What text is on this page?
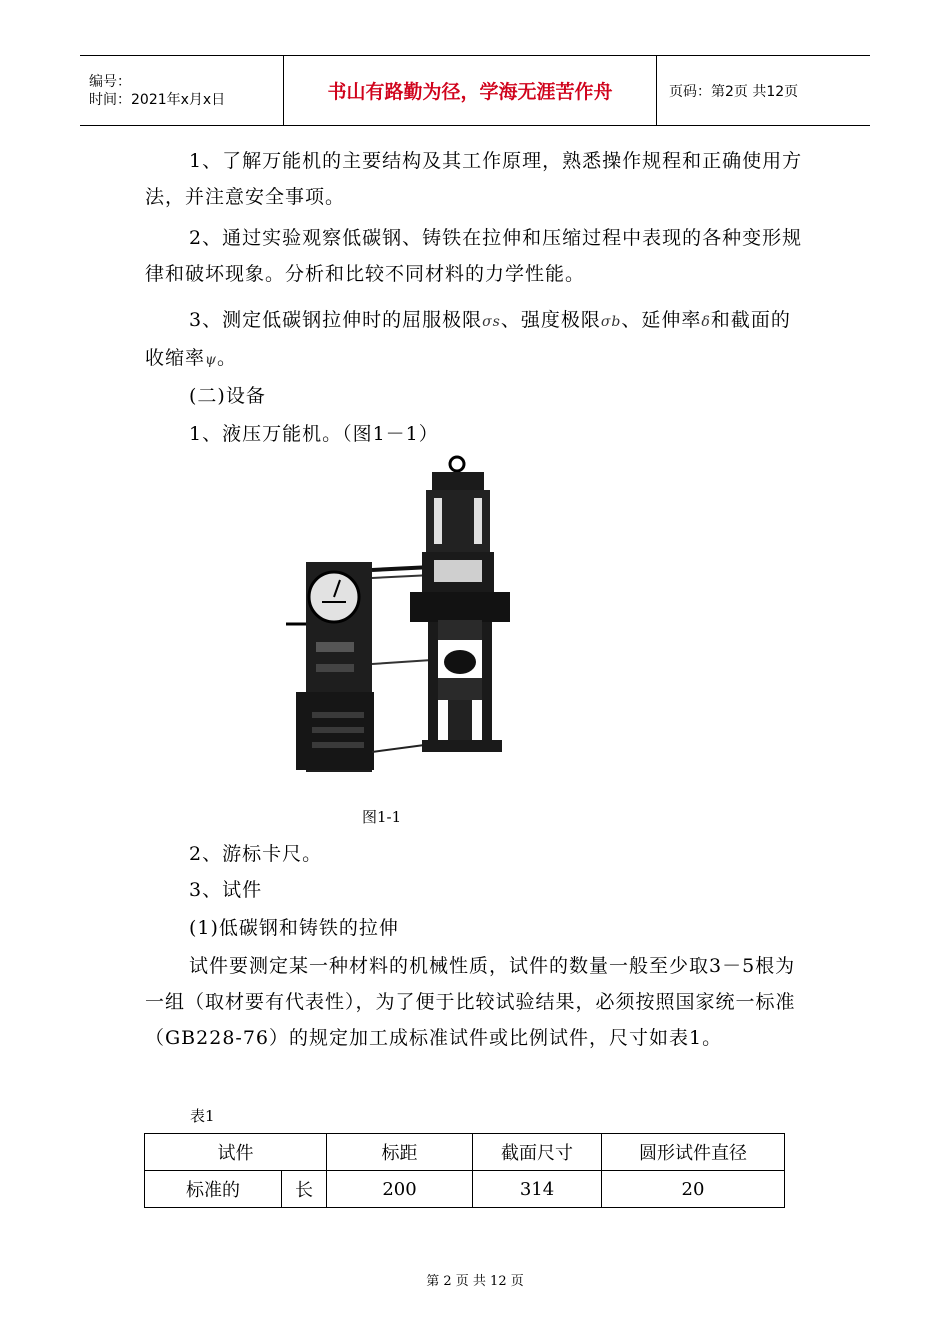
编号：
时间：2021年x月x日	书山有路勤为径，学海无涯苦作舟	页码：第2页 共12页
1、了解万能机的主要结构及其工作原理，熟悉操作规程和正确使用方法，并注意安全事项。
2、通过实验观察低碳钢、铸铁在拉伸和压缩过程中表现的各种变形规律和破坏现象。分析和比较不同材料的力学性能。
3、测定低碳钢拉伸时的屈服极限σs、强度极限σb、延伸率δ和截面的收缩率ψ。
(二)设备
1、液压万能机。（图1－1）
图1-1
2、游标卡尺。
3、试件
(1)低碳钢和铸铁的拉伸
试件要测定某一种材料的机械性质，试件的数量一般至少取3－5根为一组（取材要有代表性），为了便于比较试验结果，必须按照国家统一标准（GB228-76）的规定加工成标准试件或比例试件，尺寸如表1。
表1
试件		标距	截面尺寸	圆形试件直径
标准的	长	200	314	20
第 2 页 共 12 页
